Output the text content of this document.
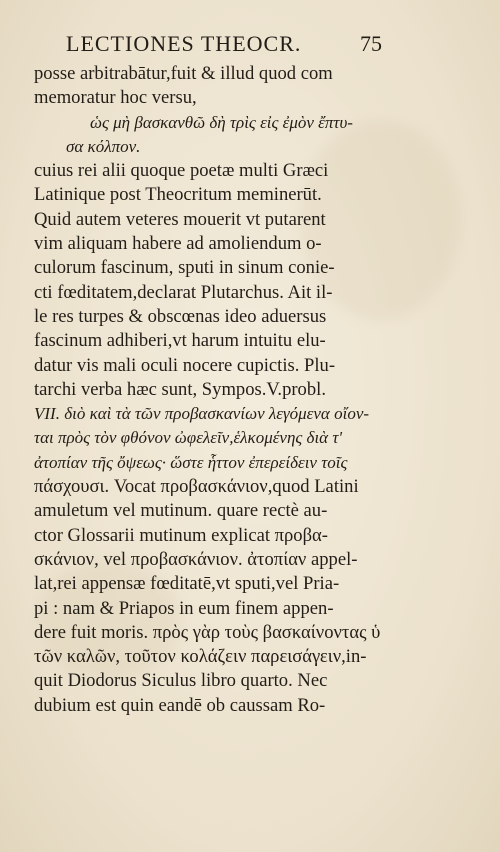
LECTIONES THEOCR.	75
posse arbitrabātur,fuit & illud quod com
memoratur hoc versu,
ὡς μὴ βασκανθῶ δὴ τρὶς εἰς ἐμὸν ἔπτυ-
σα κόλπον.
cuius rei alii quoque poetæ multi Græci
Latinique post Theocritum meminerūt.
Quid autem veteres mouerit vt putarent
vim aliquam habere ad amoliendum o-
culorum fascinum, sputi in sinum conie-
cti fœditatem,declarat Plutarchus. Ait il-
le res turpes & obscœnas ideo aduersus
fascinum adhiberi,vt harum intuitu elu-
datur vis mali oculi nocere cupictis. Plu-
tarchi verba hæc sunt, Sympos.V.probl.
VII. διὸ καὶ τὰ τῶν προβασκανίων λεγόμενα οἴον-
ται πρὸς τὸν φθόνον ὠφελεῖν,ἑλκομένης διὰ τ'
ἀτοπίαν τῆς ὄψεως· ὥστε ἧττον ἐπερείδειν τοῖς
πάσχουσι. Vocat προβασκάνιον,quod Latini
amuletum vel mutinum. quare rectè au-
ctor Glossarii mutinum explicat προβα-
σκάνιον, vel προβασκάνιον. ἀτοπίαν appel-
lat,rei appensæ fœditatē,vt sputi,vel Pria-
pi : nam & Priapos in eum finem appen-
dere fuit moris. πρὸς γὰρ τοὺς βασκαίνοντας ὑ
τῶν καλῶν, τοῦτον κολάζειν παρεισάγειν,in-
quit Diodorus Siculus libro quarto. Nec
dubium est quin eandē ob caussam Ro-
